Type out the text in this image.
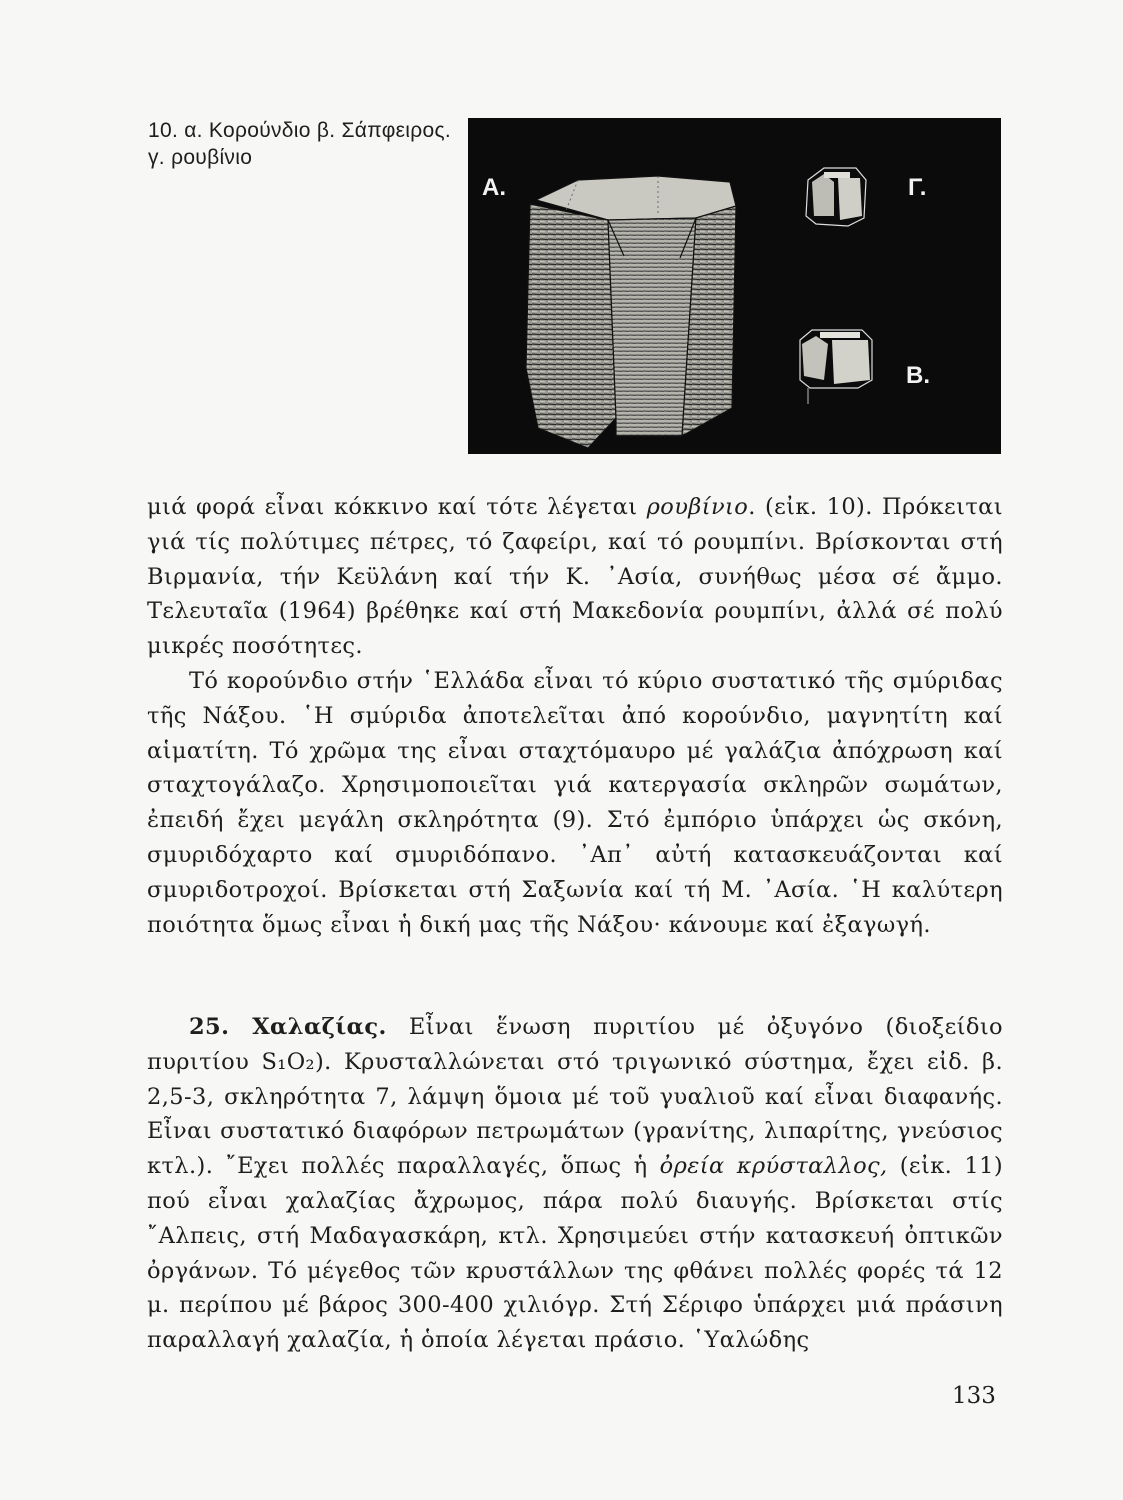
10. α. Κορούνδιο β. Σάπφειρος. γ. ρουβίνιο
Α.	Γ.
Β.

μιά φορά εἶναι κόκκινο καί τότε λέγεται ρουβίνιο. (εἰκ. 10). Πρόκειται γιά τίς πολύτιμες πέτρες, τό ζαφείρι, καί τό ρουμπίνι. Βρίσκονται στή Βιρμανία, τήν Κεϋλάνη καί τήν Κ. ᾿Ασία, συνήθως μέσα σέ ἄμμο. Τελευταῖα (1964) βρέθηκε καί στή Μακεδονία ρουμπίνι, ἀλλά σέ πολύ μικρές ποσότητες.

Τό κορούνδιο στήν ῾Ελλάδα εἶναι τό κύριο συστατικό τῆς σμύριδας τῆς Νάξου. ῾Η σμύριδα ἀποτελεῖται ἀπό κορούνδιο, μαγνητίτη καί αἱματίτη. Τό χρῶμα της εἶναι σταχτόμαυρο μέ γαλάζια ἀπόχρωση καί σταχτογάλαζο. Χρησιμοποιεῖται γιά κατεργασία σκληρῶν σωμάτων, ἐπειδή ἔχει μεγάλη σκληρότητα (9). Στό ἐμπόριο ὑπάρχει ὡς σκόνη, σμυριδόχαρτο καί σμυριδόπανο. ᾿Απ᾿ αὐτή κατασκευάζονται καί σμυριδοτροχοί. Βρίσκεται στή Σαξωνία καί τή Μ. ᾿Ασία. ῾Η καλύτερη ποιότητα ὅμως εἶναι ἡ δική μας τῆς Νάξου· κάνουμε καί ἐξαγωγή.

25. Χαλαζίας. Εἶναι ἕνωση πυριτίου μέ ὀξυγόνο (διοξείδιο πυριτίου S₁O₂). Κρυσταλλώνεται στό τριγωνικό σύστημα, ἔχει εἰδ. β. 2,5-3, σκληρότητα 7, λάμψη ὅμοια μέ τοῦ γυαλιοῦ καί εἶναι διαφανής. Εἶναι συστατικό διαφόρων πετρωμάτων (γρανίτης, λιπαρίτης, γνεύσιος κτλ.). ῎Εχει πολλές παραλλαγές, ὅπως ἡ ὀρεία κρύσταλλος, (εἰκ. 11) πού εἶναι χαλαζίας ἄχρωμος, πάρα πολύ διαυγής. Βρίσκεται στίς ῎Αλπεις, στή Μαδαγασκάρη, κτλ. Χρησιμεύει στήν κατασκευή ὀπτικῶν ὀργάνων. Τό μέγεθος τῶν κρυστάλλων της φθάνει πολλές φορές τά 12 μ. περίπου μέ βάρος 300-400 χιλιόγρ. Στή Σέριφο ὑπάρχει μιά πράσινη παραλλαγή χαλαζία, ἡ ὁποία λέγεται πράσιο. ῾Υαλώδης

133
